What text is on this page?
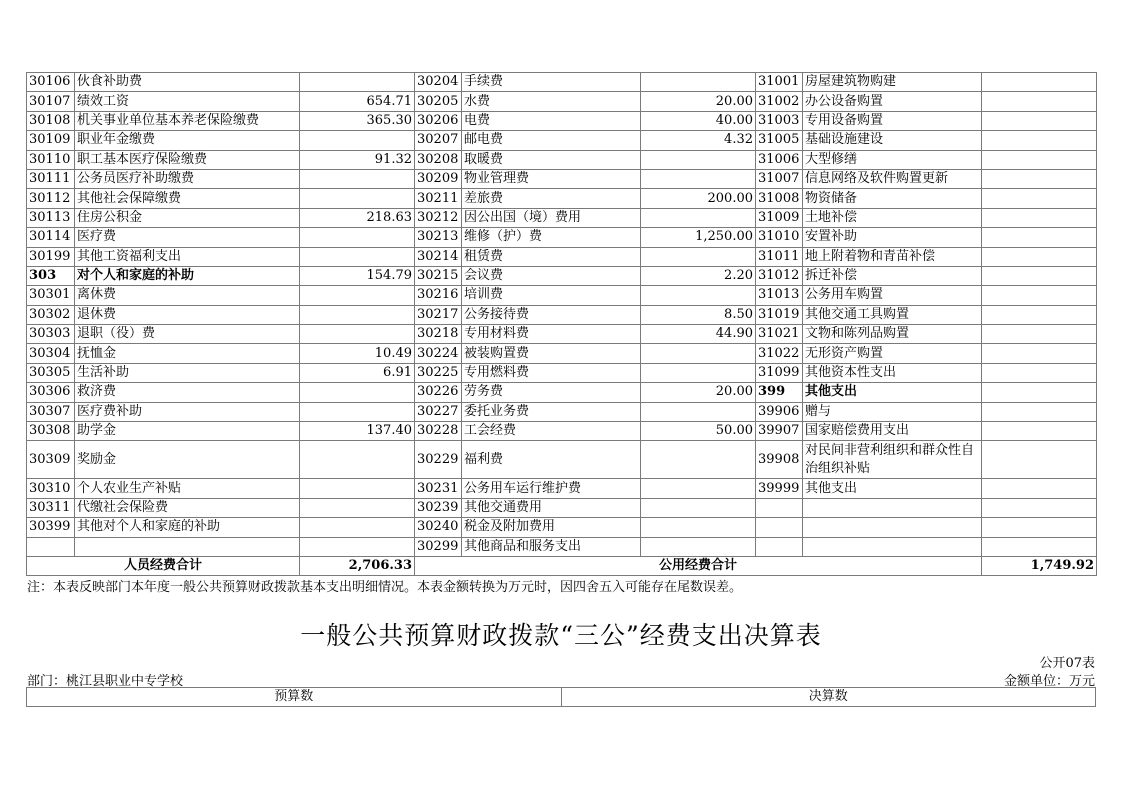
30106	伙食补助费		30204	手续费		31001	房屋建筑物购建	
30107	绩效工资	654.71	30205	水费	20.00	31002	办公设备购置	
30108	机关事业单位基本养老保险缴费	365.30	30206	电费	40.00	31003	专用设备购置	
30109	职业年金缴费		30207	邮电费	4.32	31005	基础设施建设	
30110	职工基本医疗保险缴费	91.32	30208	取暖费		31006	大型修缮	
30111	公务员医疗补助缴费		30209	物业管理费		31007	信息网络及软件购置更新	
30112	其他社会保障缴费		30211	差旅费	200.00	31008	物资储备	
30113	住房公积金	218.63	30212	因公出国（境）费用		31009	土地补偿	
30114	医疗费		30213	维修（护）费	1,250.00	31010	安置补助	
30199	其他工资福利支出		30214	租赁费		31011	地上附着物和青苗补偿	
303	对个人和家庭的补助	154.79	30215	会议费	2.20	31012	拆迁补偿	
30301	离休费		30216	培训费		31013	公务用车购置	
30302	退休费		30217	公务接待费	8.50	31019	其他交通工具购置	
30303	退职（役）费		30218	专用材料费	44.90	31021	文物和陈列品购置	
30304	抚恤金	10.49	30224	被装购置费		31022	无形资产购置	
30305	生活补助	6.91	30225	专用燃料费		31099	其他资本性支出	
30306	救济费		30226	劳务费	20.00	399	其他支出	
30307	医疗费补助		30227	委托业务费		39906	赠与	
30308	助学金	137.40	30228	工会经费	50.00	39907	国家赔偿费用支出	
30309	奖励金		30229	福利费		39908	对民间非营利组织和群众性自治组织补贴	
30310	个人农业生产补贴		30231	公务用车运行维护费		39999	其他支出	
30311	代缴社会保险费		30239	其他交通费用				
30399	其他对个人和家庭的补助		30240	税金及附加费用				
			30299	其他商品和服务支出				
人员经费合计		2,706.33	公用经费合计					1,749.92
注：本表反映部门本年度一般公共预算财政拨款基本支出明细情况。本表金额转换为万元时，因四舍五入可能存在尾数误差。
一般公共预算财政拨款“三公”经费支出决算表
公开07表
部门：桃江县职业中专学校	金额单位：万元
预算数	决算数
